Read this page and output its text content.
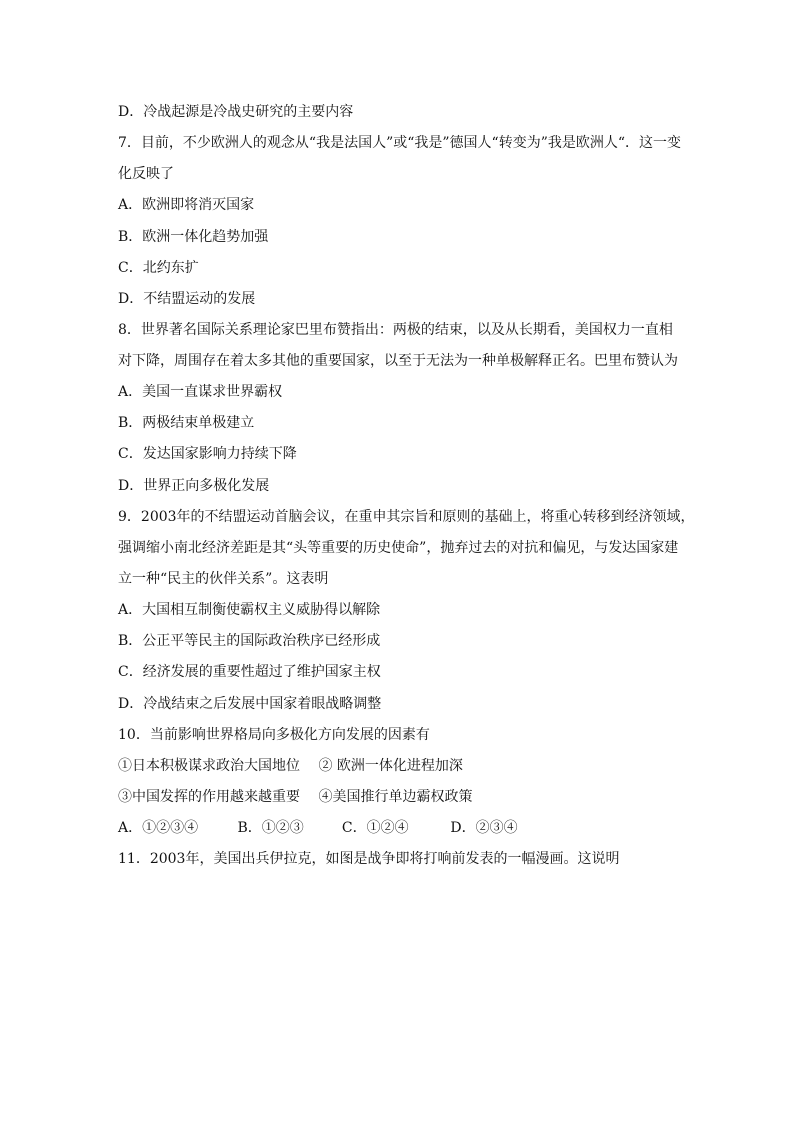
D．冷战起源是冷战史研究的主要内容
7．目前，不少欧洲人的观念从“我是法国人”或“我是”德国人“转变为”我是欧洲人“．这一变
化反映了
A．欧洲即将消灭国家
B．欧洲一体化趋势加强
C．北约东扩
D．不结盟运动的发展
8．世界著名国际关系理论家巴里布赞指出：两极的结束，以及从长期看，美国权力一直相
对下降，周围存在着太多其他的重要国家，以至于无法为一种单极解释正名。巴里布赞认为
A．美国一直谋求世界霸权
B．两极结束单极建立
C．发达国家影响力持续下降
D．世界正向多极化发展
9．2003年的不结盟运动首脑会议，在重申其宗旨和原则的基础上，将重心转移到经济领域，
强调缩小南北经济差距是其“头等重要的历史使命”，抛弃过去的对抗和偏见，与发达国家建
立一种“民主的伙伴关系”。这表明
A．大国相互制衡使霸权主义威胁得以解除
B．公正平等民主的国际政治秩序已经形成
C．经济发展的重要性超过了维护国家主权
D．冷战结束之后发展中国家着眼战略调整
10．当前影响世界格局向多极化方向发展的因素有
①日本积极谋求政治大国地位　 ② 欧洲一体化进程加深
③中国发挥的作用越来越重要　 ④美国推行单边霸权政策
A．①②③④	B．①②③	C．①②④	D．②③④
11．2003年，美国出兵伊拉克，如图是战争即将打响前发表的一幅漫画。这说明
